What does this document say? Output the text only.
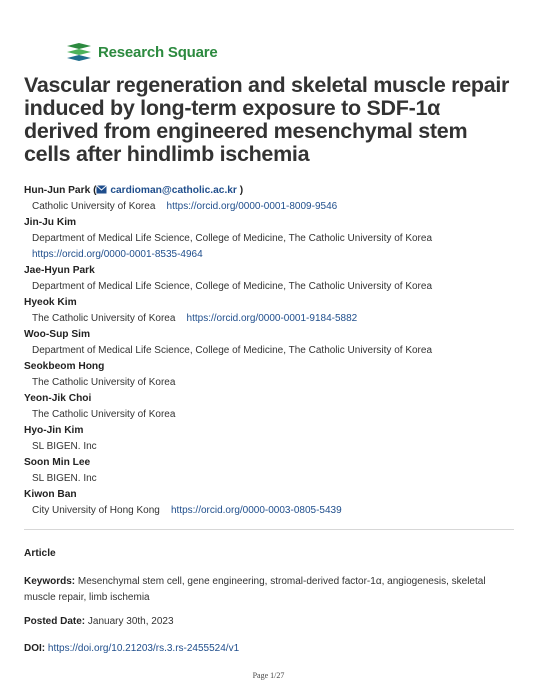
Research Square
Vascular regeneration and skeletal muscle repair induced by long-term exposure to SDF-1α derived from engineered mesenchymal stem cells after hindlimb ischemia
Hun-Jun Park ( cardioman@catholic.ac.kr )
Catholic University of Korea https://orcid.org/0000-0001-8009-9546
Jin-Ju Kim
Department of Medical Life Science, College of Medicine, The Catholic University of Korea
https://orcid.org/0000-0001-8535-4964
Jae-Hyun Park
Department of Medical Life Science, College of Medicine, The Catholic University of Korea
Hyeok Kim
The Catholic University of Korea https://orcid.org/0000-0001-9184-5882
Woo-Sup Sim
Department of Medical Life Science, College of Medicine, The Catholic University of Korea
Seokbeom Hong
The Catholic University of Korea
Yeon-Jik Choi
The Catholic University of Korea
Hyo-Jin Kim
SL BIGEN. Inc
Soon Min Lee
SL BIGEN. Inc
Kiwon Ban
City University of Hong Kong https://orcid.org/0000-0003-0805-5439
Article
Keywords: Mesenchymal stem cell, gene engineering, stromal-derived factor-1α, angiogenesis, skeletal muscle repair, limb ischemia
Posted Date: January 30th, 2023
DOI: https://doi.org/10.21203/rs.3.rs-2455524/v1
Page 1/27
